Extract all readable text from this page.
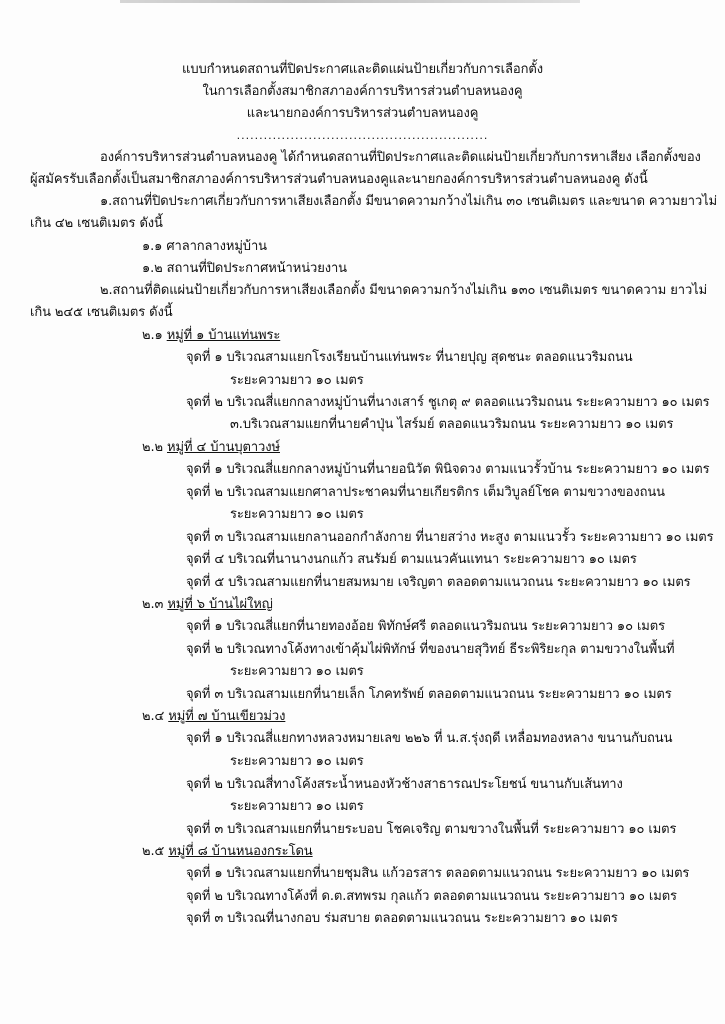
แบบกำหนดสถานที่ปิดประกาศและติดแผ่นป้ายเกี่ยวกับการเลือกตั้ง
ในการเลือกตั้งสมาชิกสภาองค์การบริหารส่วนตำบลหนองคู
และนายกองค์การบริหารส่วนตำบลหนองคู
........................................................
องค์การบริหารส่วนตำบลหนองคู ได้กำหนดสถานที่ปิดประกาศและติดแผ่นป้ายเกี่ยวกับการหาเสียง เลือกตั้งของ
ผู้สมัครรับเลือกตั้งเป็นสมาชิกสภาองค์การบริหารส่วนตำบลหนองคูและนายกองค์การบริหารส่วนตำบลหนองคู ดังนี้
๑.สถานที่ปิดประกาศเกี่ยวกับการหาเสียงเลือกตั้ง มีขนาดความกว้างไม่เกิน ๓๐ เซนติเมตร และขนาด ความยาวไม่
เกิน ๔๒ เซนติเมตร ดังนี้
๑.๑ ศาลากลางหมู่บ้าน
๑.๒ สถานที่ปิดประกาศหน้าหน่วยงาน
๒.สถานที่ติดแผ่นป้ายเกี่ยวกับการหาเสียงเลือกตั้ง มีขนาดความกว้างไม่เกิน ๑๓๐ เซนติเมตร ขนาดความ ยาวไม่
เกิน ๒๔๕ เซนติเมตร ดังนี้
๒.๑ หมู่ที่ ๑ บ้านแท่นพระ
จุดที่ ๑ บริเวณสามแยกโรงเรียนบ้านแท่นพระ ที่นายปุญ สุดชนะ ตลอดแนวริมถนน
ระยะความยาว ๑๐ เมตร
จุดที่ ๒ บริเวณสี่แยกกลางหมู่บ้านที่นางเสาร์ ชูเกตุ ๙ ตลอดแนวริมถนน ระยะความยาว ๑๐ เมตร
๓.บริเวณสามแยกที่นายคำปุ่น ไสร์มย์ ตลอดแนวริมถนน ระยะความยาว ๑๐ เมตร
๒.๒ หมู่ที่ ๔ บ้านบุตาวงษ์
จุดที่ ๑ บริเวณสี่แยกกลางหมู่บ้านที่นายอนิวัต พินิจดวง ตามแนวรั้วบ้าน ระยะความยาว ๑๐ เมตร
จุดที่ ๒ บริเวณสามแยกศาลาประชาคมที่นายเกียรติกร เต็มวิบูลย์โชค ตามขวางของถนน
ระยะความยาว ๑๐ เมตร
จุดที่ ๓ บริเวณสามแยกลานออกกำลังกาย ที่นายสว่าง หะสูง ตามแนวรั้ว ระยะความยาว ๑๐ เมตร
จุดที่ ๔ บริเวณที่นานางนกแก้ว สนรัมย์ ตามแนวคันแทนา ระยะความยาว ๑๐ เมตร
จุดที่ ๕ บริเวณสามแยกที่นายสมหมาย เจริญตา ตลอดตามแนวถนน ระยะความยาว ๑๐ เมตร
๒.๓ หมู่ที่ ๖ บ้านไผ่ใหญ่
จุดที่ ๑ บริเวณสี่แยกที่นายทองอ้อย พิทักษ์ศรี ตลอดแนวริมถนน ระยะความยาว ๑๐ เมตร
จุดที่ ๒ บริเวณทางโค้งทางเข้าคุ้มไผ่พิทักษ์ ที่ของนายสุวิทย์ ธีระพิริยะกุล ตามขวางในพื้นที่
ระยะความยาว ๑๐ เมตร
จุดที่ ๓ บริเวณสามแยกที่นายเล็ก โภคทรัพย์ ตลอดตามแนวถนน ระยะความยาว ๑๐ เมตร
๒.๔ หมู่ที่ ๗ บ้านเขียวม่วง
จุดที่ ๑ บริเวณสี่แยกทางหลวงหมายเลข ๒๒๖ ที่ น.ส.รุ่งฤดี เหลื่อมทองหลาง ขนานกับถนน
ระยะความยาว ๑๐ เมตร
จุดที่ ๒ บริเวณสี่ทางโค้งสระน้ำหนองหัวช้างสาธารณประโยชน์ ขนานกับเส้นทาง
ระยะความยาว ๑๐ เมตร
จุดที่ ๓ บริเวณสามแยกที่นายระบอบ โชคเจริญ ตามขวางในพื้นที่ ระยะความยาว ๑๐ เมตร
๒.๕ หมู่ที่ ๘ บ้านหนองกระโดน
จุดที่ ๑ บริเวณสามแยกที่นายชุมสิน แก้วอรสาร ตลอดตามแนวถนน ระยะความยาว ๑๐ เมตร
จุดที่ ๒ บริเวณทางโค้งที่ ด.ต.สทพรม กุลแก้ว ตลอดตามแนวถนน ระยะความยาว ๑๐ เมตร
จุดที่ ๓ บริเวณที่นางกอบ ร่มสบาย ตลอดตามแนวถนน ระยะความยาว ๑๐ เมตร
